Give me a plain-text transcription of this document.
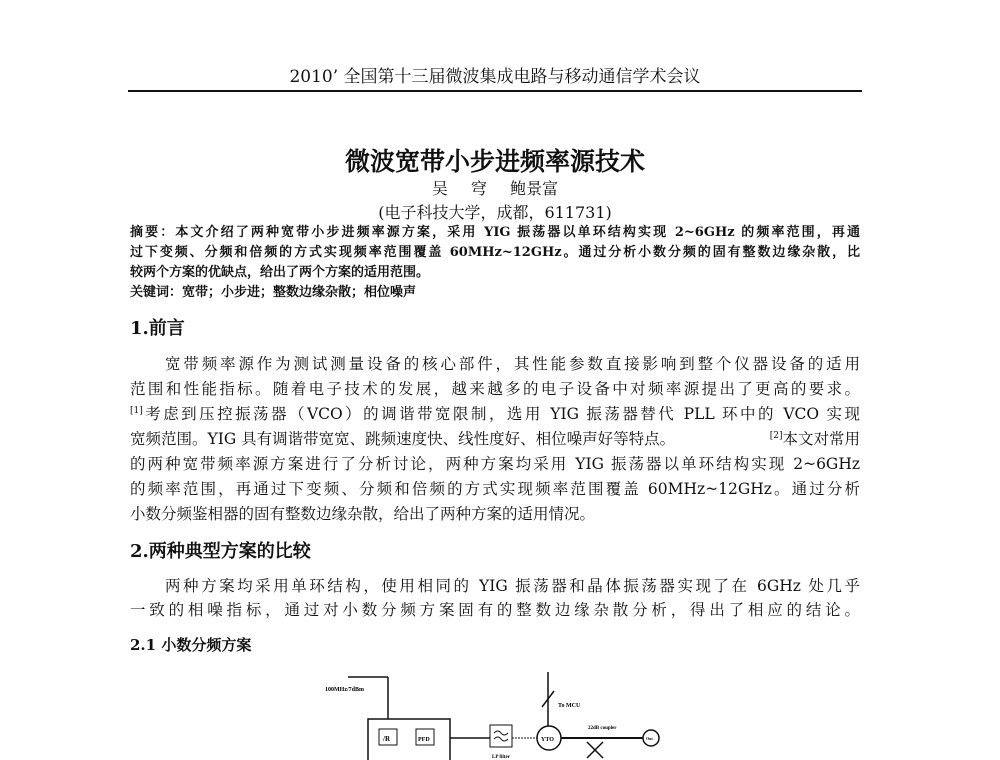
2010’ 全国第十三届微波集成电路与移动通信学术会议
微波宽带小步进频率源技术
吴 穹 鲍景富
(电子科技大学，成都，611731)
摘要：本文介绍了两种宽带小步进频率源方案，采用 YIG 振荡器以单环结构实现 2~6GHz 的频率范围，再通
过下变频、分频和倍频的方式实现频率范围覆盖 60MHz~12GHz。通过分析小数分频的固有整数边缘杂散，比
较两个方案的优缺点，给出了两个方案的适用范围。
关键词：宽带；小步进；整数边缘杂散；相位噪声
1.前言
宽带频率源作为测试测量设备的核心部件，其性能参数直接影响到整个仪器设备的适用
范围和性能指标。随着电子技术的发展，越来越多的电子设备中对频率源提出了更高的要求。
[1]考虑到压控振荡器（VCO）的调谐带宽限制，选用 YIG 振荡器替代 PLL 环中的 VCO 实现
宽频范围。YIG 具有调谐带宽宽、跳频速度快、线性度好、相位噪声好等特点。	[2]本文对常用
的两种宽带频率源方案进行了分析讨论，两种方案均采用 YIG 振荡器以单环结构实现 2~6GHz
的频率范围，再通过下变频、分频和倍频的方式实现频率范围覆盖 60MHz~12GHz。通过分析
小数分频鉴相器的固有整数边缘杂散，给出了两种方案的适用情况。
2.两种典型方案的比较
两种方案均采用单环结构，使用相同的 YIG 振荡器和晶体振荡器实现了在 6GHz 处几乎
一致的相噪指标，通过对小数分频方案固有的整数边缘杂散分析，得出了相应的结论。
2.1 小数分频方案
100MHz/7dBm
/R	PFD
LP filter
YTO
To MCU
22dB coupler
Out
